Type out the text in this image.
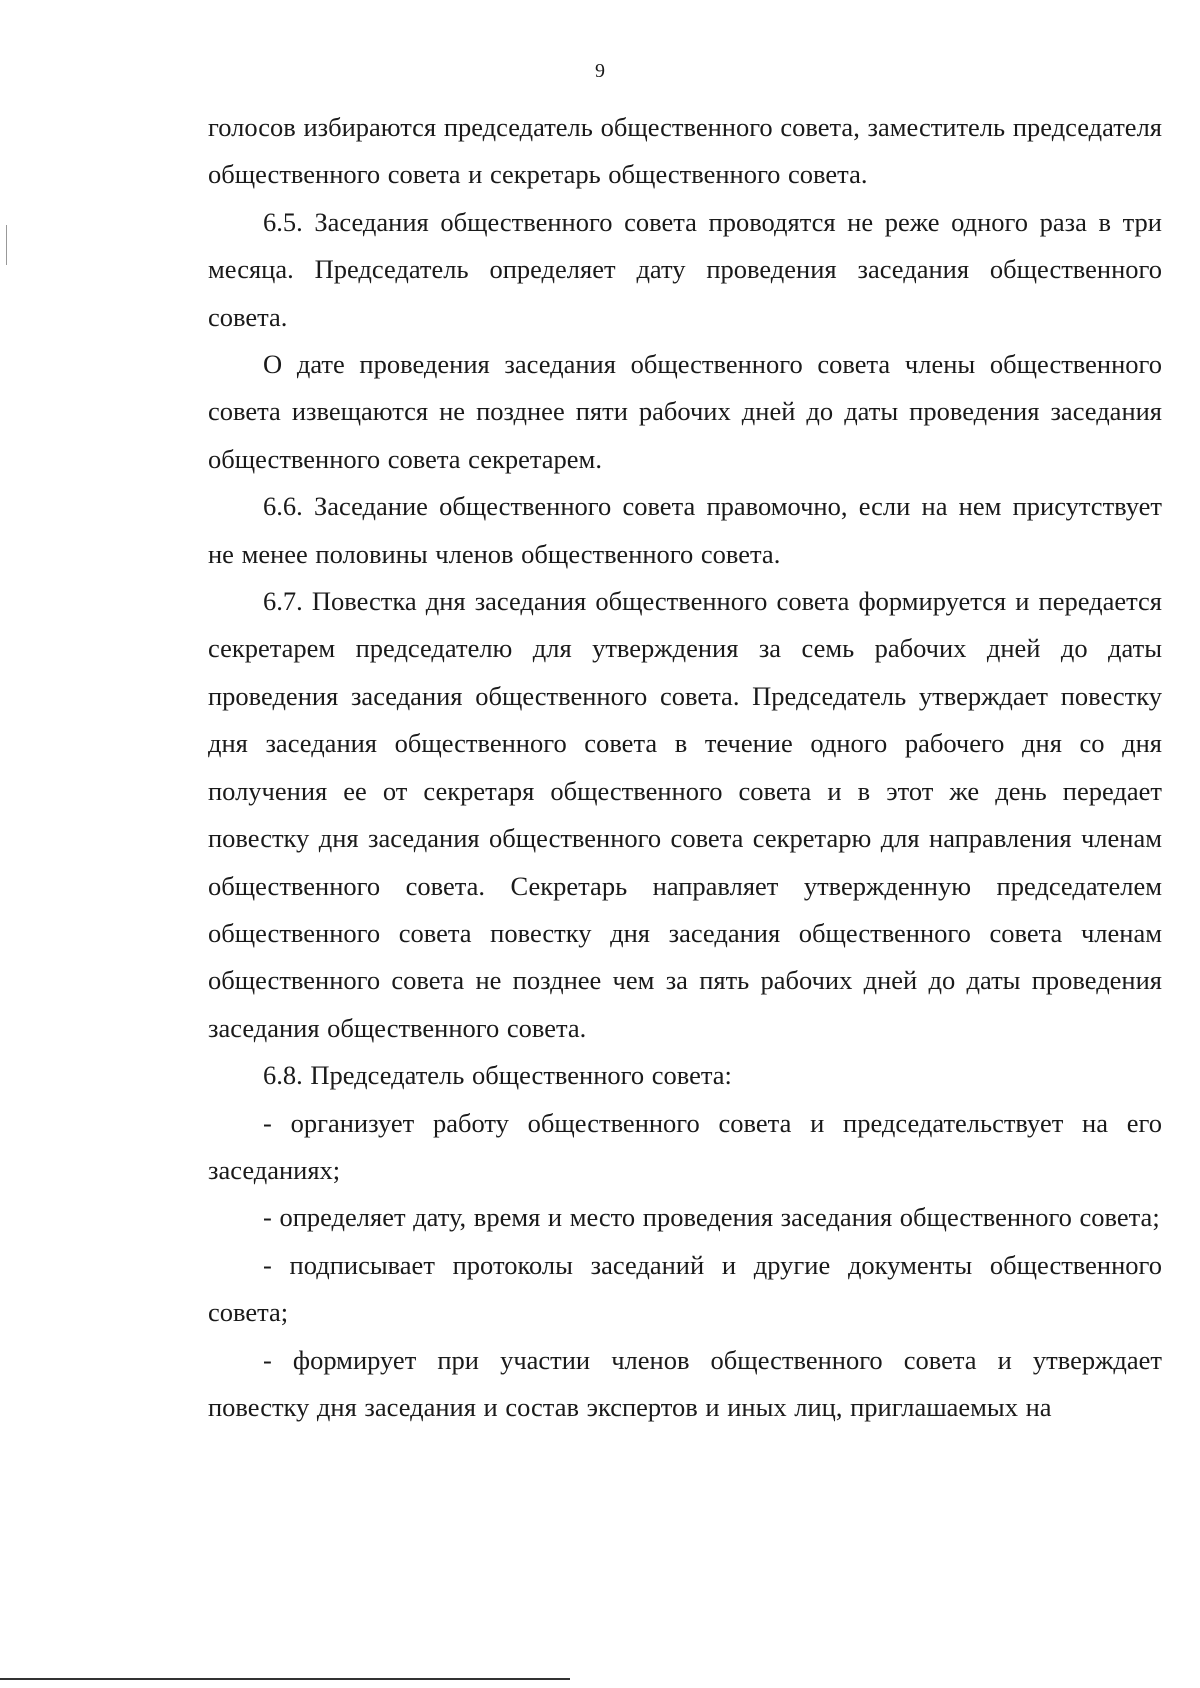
9

голосов избираются председатель общественного совета, заместитель председателя общественного совета и секретарь общественного совета.

6.5. Заседания общественного совета проводятся не реже одного раза в три месяца. Председатель определяет дату проведения заседания общественного совета.

О дате проведения заседания общественного совета члены общественного совета извещаются не позднее пяти рабочих дней до даты проведения заседания общественного совета секретарем.

6.6. Заседание общественного совета правомочно, если на нем присутствует не менее половины членов общественного совета.

6.7. Повестка дня заседания общественного совета формируется и передается секретарем председателю для утверждения за семь рабочих дней до даты проведения заседания общественного совета. Председатель утверждает повестку дня заседания общественного совета в течение одного рабочего дня со дня получения ее от секретаря общественного совета и в этот же день передает повестку дня заседания общественного совета секретарю для направления членам общественного совета. Секретарь направляет утвержденную председателем общественного совета повестку дня заседания общественного совета членам общественного совета не позднее чем за пять рабочих дней до даты проведения заседания общественного совета.

6.8. Председатель общественного совета:

- организует работу общественного совета и председательствует на его заседаниях;

- определяет дату, время и место проведения заседания общественного совета;

- подписывает протоколы заседаний и другие документы общественного совета;

- формирует при участии членов общественного совета и утверждает повестку дня заседания и состав экспертов и иных лиц, приглашаемых на
